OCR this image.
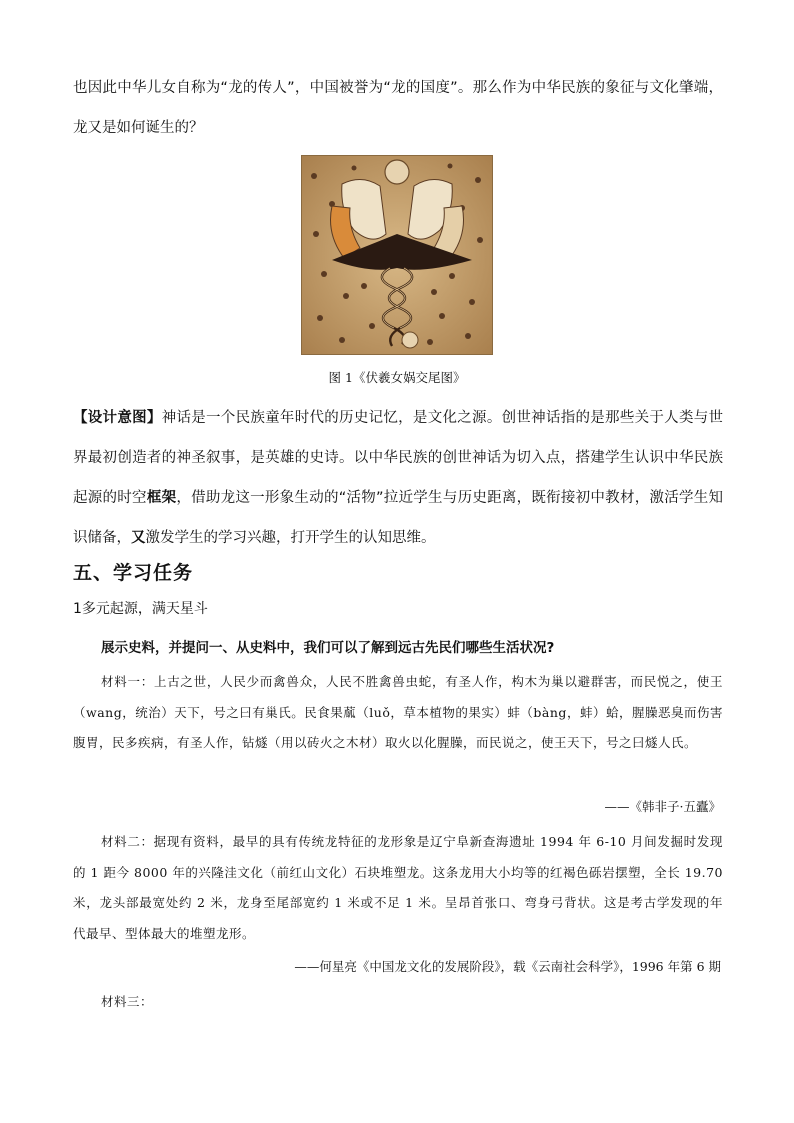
也因此中华儿女自称为“龙的传人”，中国被誉为“龙的国度”。那么作为中华民族的象征与文化肇端，龙又是如何诞生的？

图 1《伏羲女娲交尾图》

【设计意图】神话是一个民族童年时代的历史记忆，是文化之源。创世神话指的是那些关于人类与世界最初创造者的神圣叙事，是英雄的史诗。以中华民族的创世神话为切入点，搭建学生认识中华民族起源的时空框架，借助龙这一形象生动的“活物”拉近学生与历史距离，既衔接初中教材，激活学生知识储备，又激发学生的学习兴趣，打开学生的认知思维。

五、学习任务

1多元起源，满天星斗

展示史料，并提问一、从史料中，我们可以了解到远古先民们哪些生活状况?

材料一：上古之世，人民少而禽兽众，人民不胜禽兽虫蛇，有圣人作，构木为巢以避群害，而民悦之，使王（wang，统治）天下，号之曰有巢氏。民食果蓏（luǒ，草本植物的果实）蚌（bàng，蚌）蛤，腥臊恶臭而伤害腹胃，民多疾病，有圣人作，钻燧（用以砖火之木材）取火以化腥臊，而民说之，使王天下，号之曰燧人氏。

——《韩非子·五蠹》

材料二：据现有资料，最早的具有传统龙特征的龙形象是辽宁阜新查海遗址 1994 年 6-10 月间发掘时发现的 1 距今 8000 年的兴隆洼文化（前红山文化）石块堆塑龙。这条龙用大小均等的红褐色砾岩摆塑，全长 19.70 米，龙头部最宽处约 2 米，龙身至尾部宽约 1 米或不足 1 米。呈昂首张口、弯身弓背状。这是考古学发现的年代最早、型体最大的堆塑龙形。

——何星亮《中国龙文化的发展阶段》，载《云南社会科学》，1996 年第 6 期

材料三：
